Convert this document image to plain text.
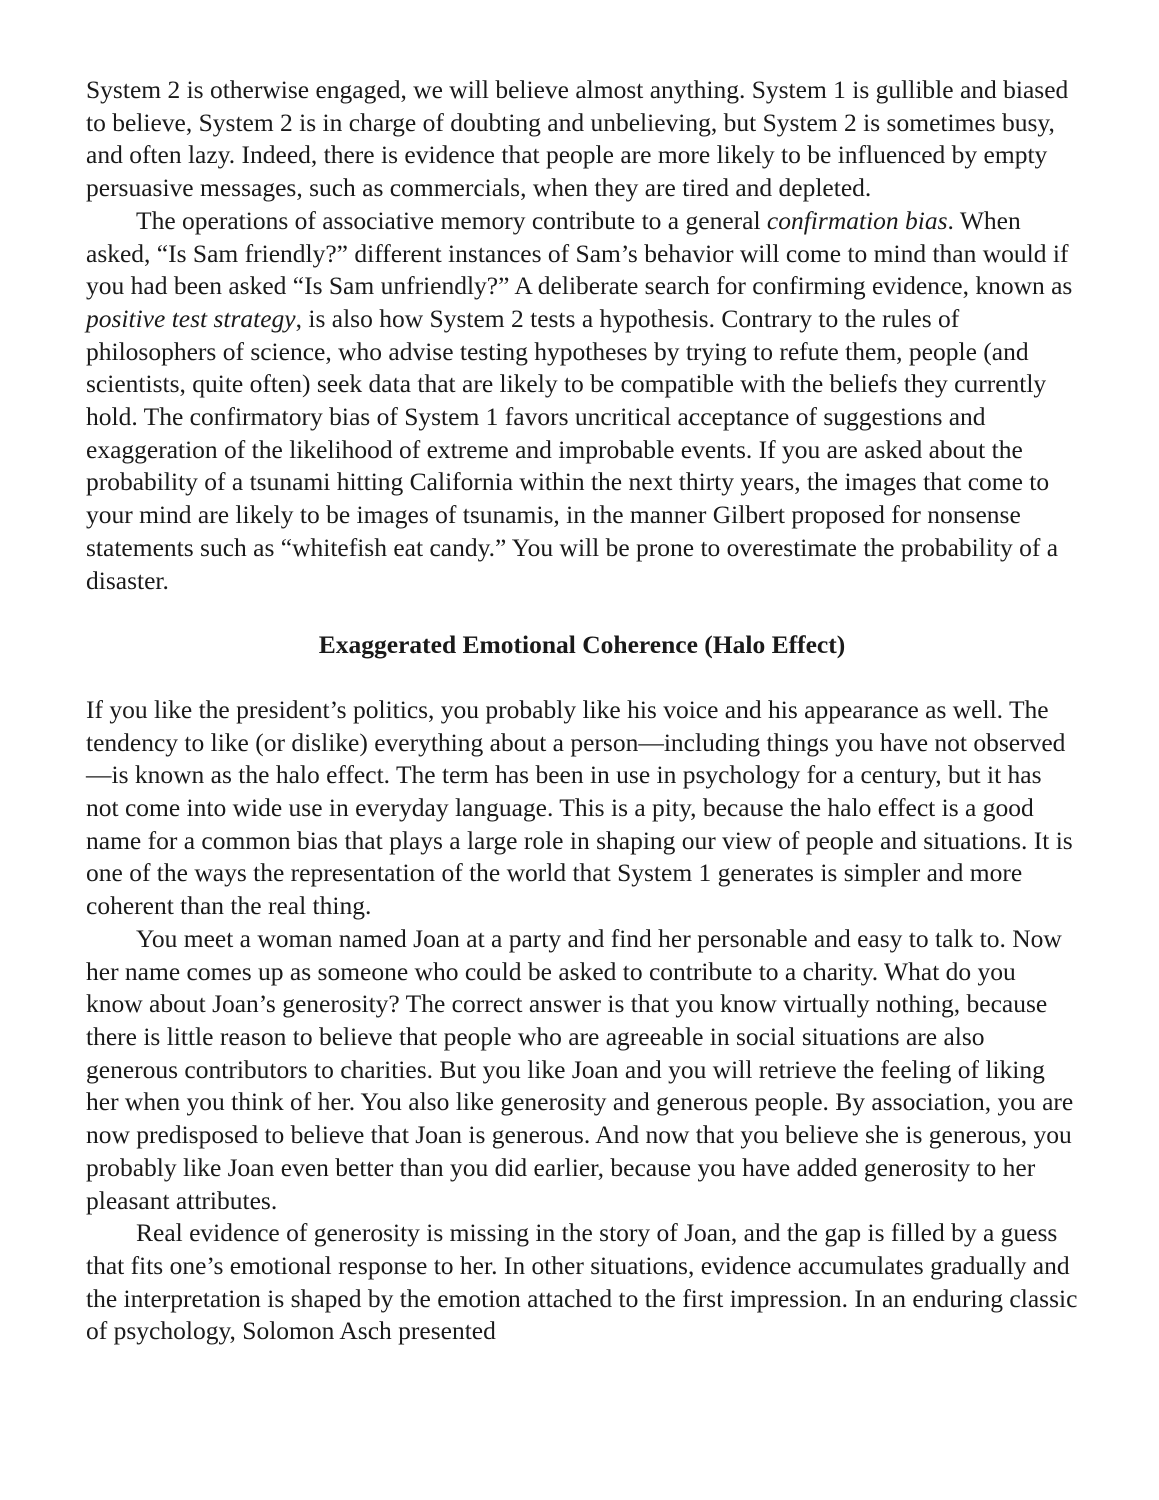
System 2 is otherwise engaged, we will believe almost anything. System 1 is gullible and biased to believe, System 2 is in charge of doubting and unbelieving, but System 2 is sometimes busy, and often lazy. Indeed, there is evidence that people are more likely to be influenced by empty persuasive messages, such as commercials, when they are tired and depleted.

The operations of associative memory contribute to a general confirmation bias. When asked, “Is Sam friendly?” different instances of Sam’s behavior will come to mind than would if you had been asked “Is Sam unfriendly?” A deliberate search for confirming evidence, known as positive test strategy, is also how System 2 tests a hypothesis. Contrary to the rules of philosophers of science, who advise testing hypotheses by trying to refute them, people (and scientists, quite often) seek data that are likely to be compatible with the beliefs they currently hold. The confirmatory bias of System 1 favors uncritical acceptance of suggestions and exaggeration of the likelihood of extreme and improbable events. If you are asked about the probability of a tsunami hitting California within the next thirty years, the images that come to your mind are likely to be images of tsunamis, in the manner Gilbert proposed for nonsense statements such as “whitefish eat candy.” You will be prone to overestimate the probability of a disaster.

Exaggerated Emotional Coherence (Halo Effect)

If you like the president’s politics, you probably like his voice and his appearance as well. The tendency to like (or dislike) everything about a person—including things you have not observed—is known as the halo effect. The term has been in use in psychology for a century, but it has not come into wide use in everyday language. This is a pity, because the halo effect is a good name for a common bias that plays a large role in shaping our view of people and situations. It is one of the ways the representation of the world that System 1 generates is simpler and more coherent than the real thing.

You meet a woman named Joan at a party and find her personable and easy to talk to. Now her name comes up as someone who could be asked to contribute to a charity. What do you know about Joan’s generosity? The correct answer is that you know virtually nothing, because there is little reason to believe that people who are agreeable in social situations are also generous contributors to charities. But you like Joan and you will retrieve the feeling of liking her when you think of her. You also like generosity and generous people. By association, you are now predisposed to believe that Joan is generous. And now that you believe she is generous, you probably like Joan even better than you did earlier, because you have added generosity to her pleasant attributes.

Real evidence of generosity is missing in the story of Joan, and the gap is filled by a guess that fits one’s emotional response to her. In other situations, evidence accumulates gradually and the interpretation is shaped by the emotion attached to the first impression. In an enduring classic of psychology, Solomon Asch presented
